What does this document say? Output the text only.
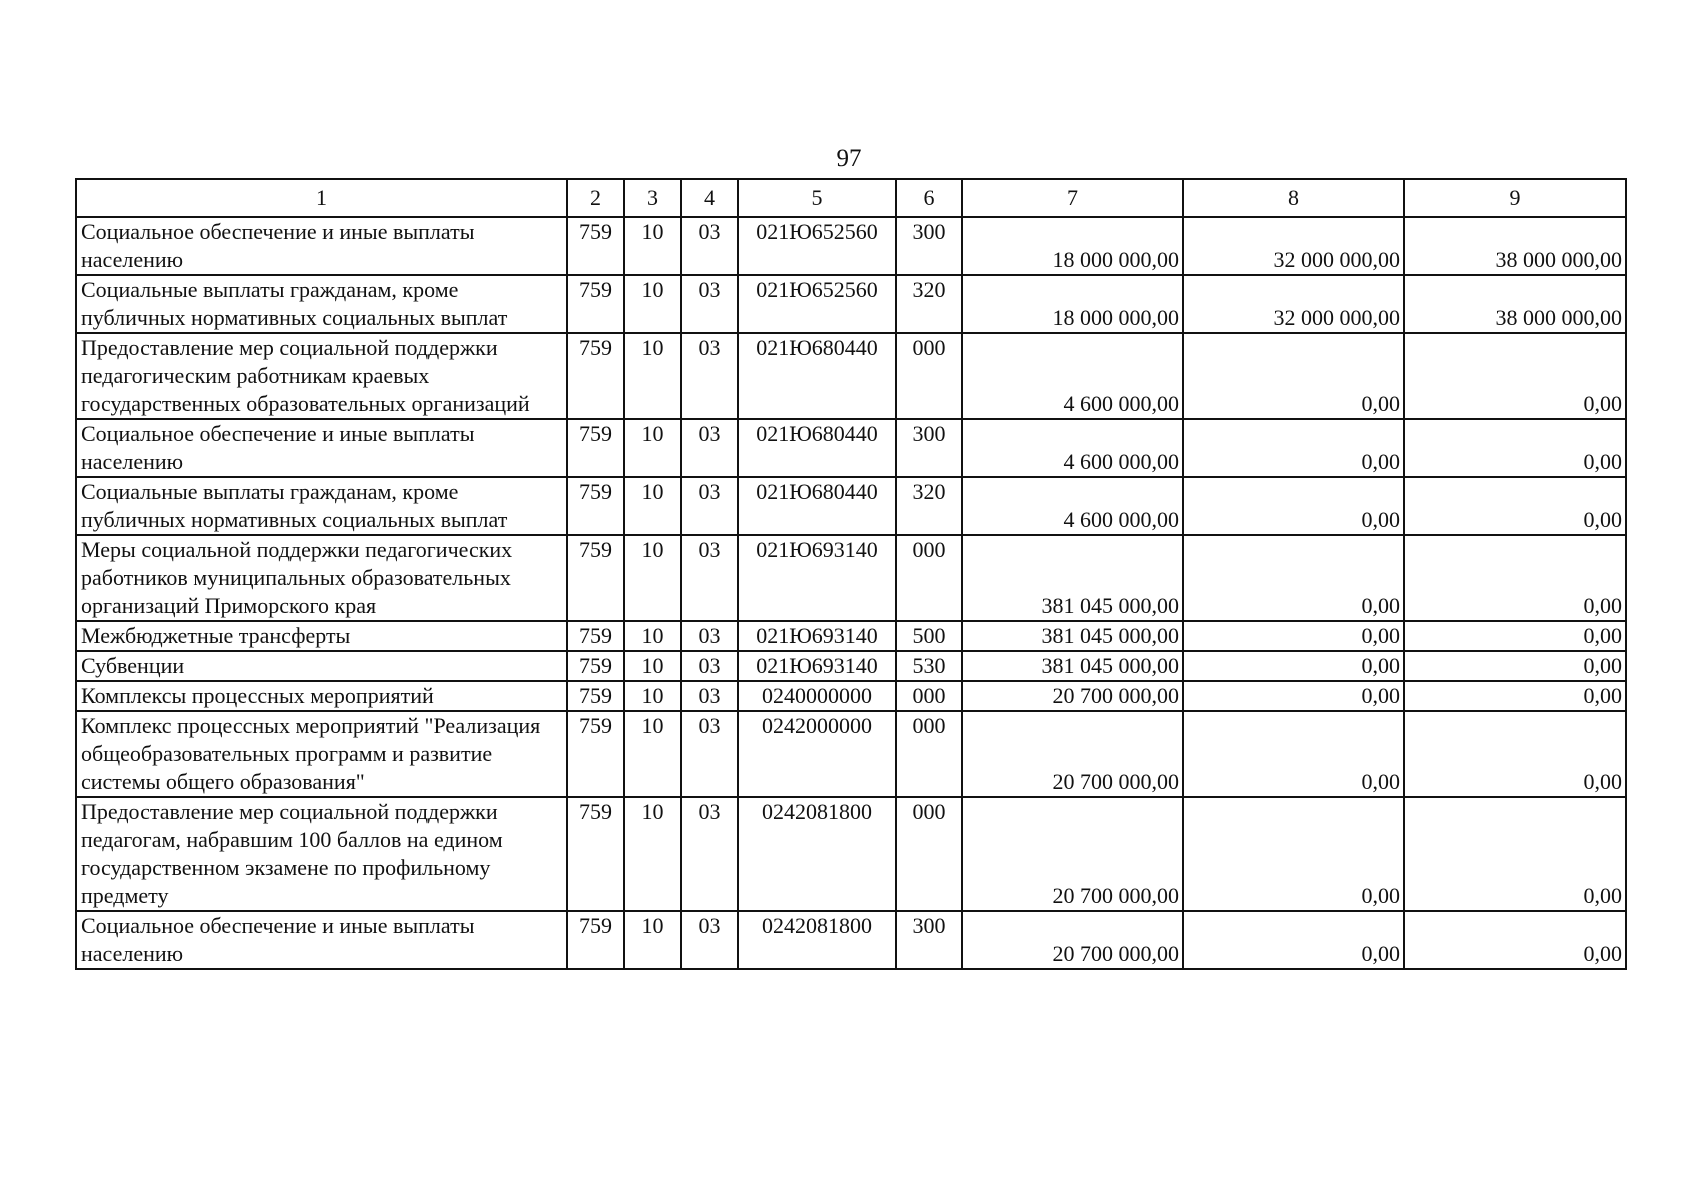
97
1	2	3	4	5	6	7	8	9
Социальное обеспечение и иные выплаты населению	759	10	03	021Ю652560	300	18 000 000,00	32 000 000,00	38 000 000,00
Социальные выплаты гражданам, кроме публичных нормативных социальных выплат	759	10	03	021Ю652560	320	18 000 000,00	32 000 000,00	38 000 000,00
Предоставление мер социальной поддержки педагогическим работникам краевых государственных образовательных организаций	759	10	03	021Ю680440	000	4 600 000,00	0,00	0,00
Социальное обеспечение и иные выплаты населению	759	10	03	021Ю680440	300	4 600 000,00	0,00	0,00
Социальные выплаты гражданам, кроме публичных нормативных социальных выплат	759	10	03	021Ю680440	320	4 600 000,00	0,00	0,00
Меры социальной поддержки педагогических работников муниципальных образовательных организаций Приморского края	759	10	03	021Ю693140	000	381 045 000,00	0,00	0,00
Межбюджетные трансферты	759	10	03	021Ю693140	500	381 045 000,00	0,00	0,00
Субвенции	759	10	03	021Ю693140	530	381 045 000,00	0,00	0,00
Комплексы процессных мероприятий	759	10	03	0240000000	000	20 700 000,00	0,00	0,00
Комплекс процессных мероприятий "Реализация общеобразовательных программ и развитие системы общего образования"	759	10	03	0242000000	000	20 700 000,00	0,00	0,00
Предоставление мер социальной поддержки педагогам, набравшим 100 баллов на едином государственном экзамене по профильному предмету	759	10	03	0242081800	000	20 700 000,00	0,00	0,00
Социальное обеспечение и иные выплаты населению	759	10	03	0242081800	300	20 700 000,00	0,00	0,00
